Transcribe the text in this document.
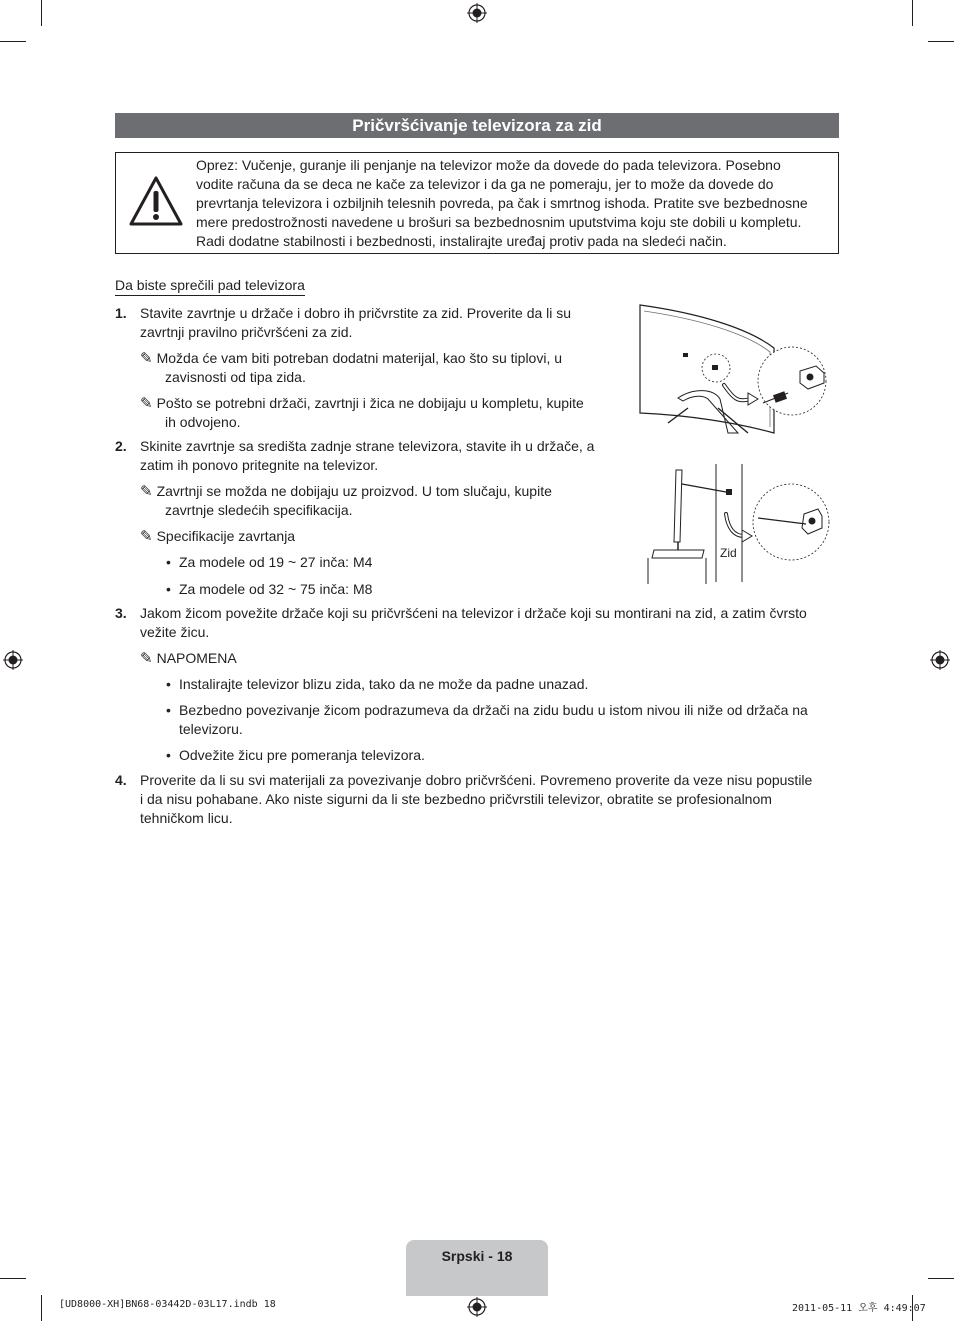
Pričvršćivanje televizora za zid
Oprez: Vučenje, guranje ili penjanje na televizor može da dovede do pada televizora. Posebno
vodite računa da se deca ne kače za televizor i da ga ne pomeraju, jer to može da dovede do
prevrtanja televizora i ozbiljnih telesnih povreda, pa čak i smrtnog ishoda. Pratite sve bezbednosne
mere predostrožnosti navedene u brošuri sa bezbednosnim uputstvima koju ste dobili u kompletu.
Radi dodatne stabilnosti i bezbednosti, instalirajte uređaj protiv pada na sledeći način.
Da biste sprečili pad televizora
1. Stavite zavrtnje u držače i dobro ih pričvrstite za zid. Proverite da li su
zavrtnji pravilno pričvršćeni za zid.
✎ Možda će vam biti potreban dodatni materijal, kao što su tiplovi, u
zavisnosti od tipa zida.
✎ Pošto se potrebni držači, zavrtnji i žica ne dobijaju u kompletu, kupite
ih odvojeno.
2. Skinite zavrtnje sa središta zadnje strane televizora, stavite ih u držače, a
zatim ih ponovo pritegnite na televizor.
✎ Zavrtnji se možda ne dobijaju uz proizvod. U tom slučaju, kupite
zavrtnje sledećih specifikacija.
✎ Specifikacije zavrtanja
• Za modele od 19 ~ 27 inča: M4
• Za modele od 32 ~ 75 inča: M8
3. Jakom žicom povežite držače koji su pričvršćeni na televizor i držače koji su montirani na zid, a zatim čvrsto
vežite žicu.
✎ NAPOMENA
• Instalirajte televizor blizu zida, tako da ne može da padne unazad.
• Bezbedno povezivanje žicom podrazumeva da držači na zidu budu u istom nivou ili niže od držača na
televizoru.
• Odvežite žicu pre pomeranja televizora.
4. Proverite da li su svi materijali za povezivanje dobro pričvršćeni. Povremeno proverite da veze nisu popustile
i da nisu pohabane. Ako niste sigurni da li ste bezbedno pričvrstili televizor, obratite se profesionalnom
tehničkom licu.
Zid
Srpski - 18
[UD8000-XH]BN68-03442D-03L17.indb 18	2011-05-11 오후 4:49:07
